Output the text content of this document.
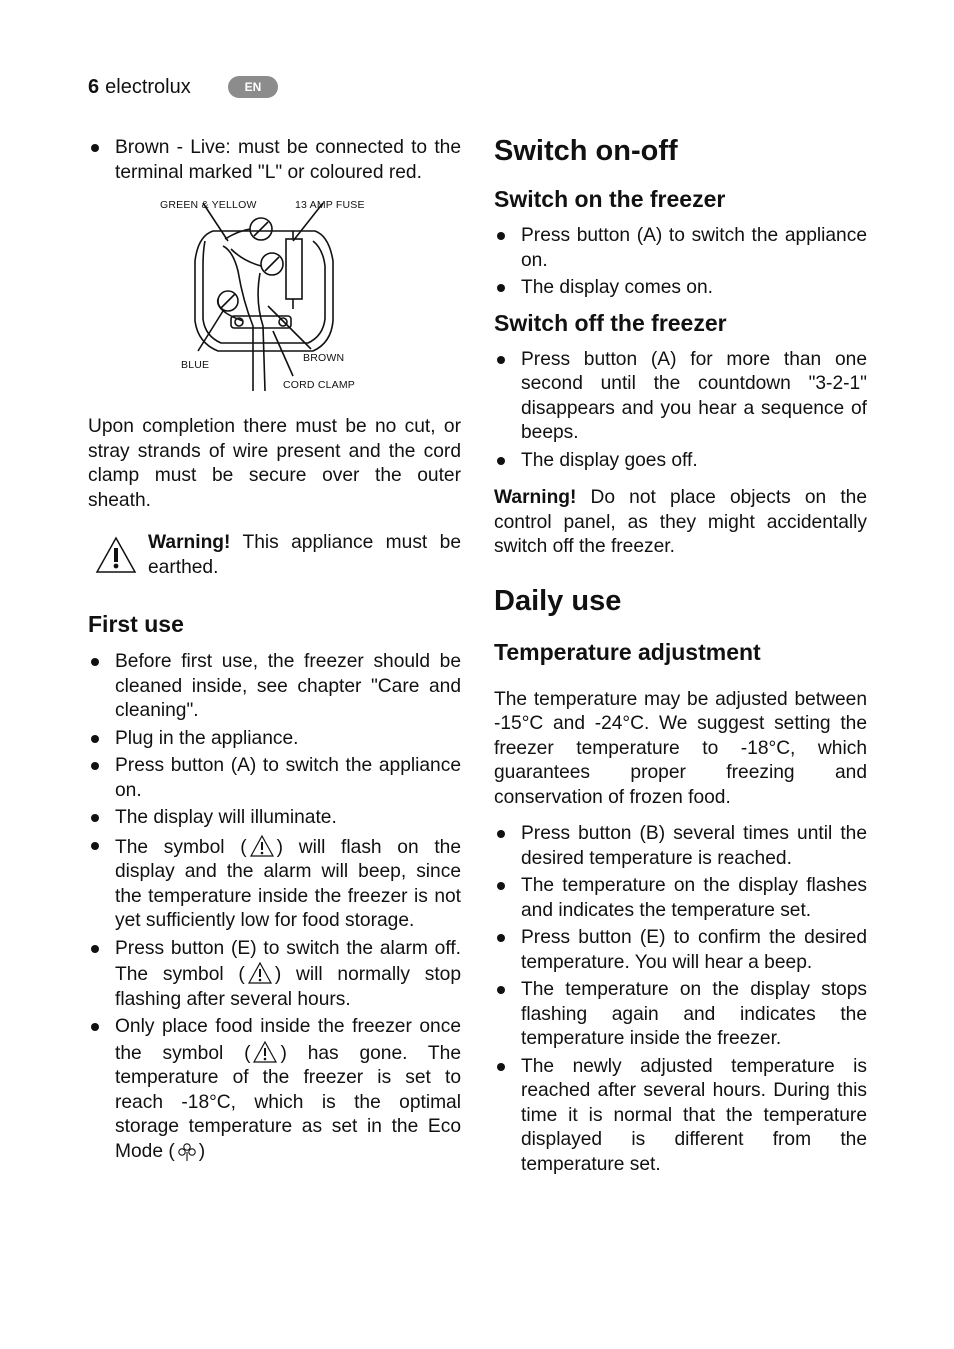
6 electrolux	EN
Brown - Live: must be connected to the terminal marked "L" or coloured red.
GREEN & YELLOW	13 AMP FUSE
BLUE
BROWN
CORD CLAMP

Upon completion there must be no cut, or stray strands of wire present and the cord clamp must be secure over the outer sheath.

Warning! This appliance must be earthed.

First use
Before first use, the freezer should be cleaned inside, see chapter "Care and cleaning".
Plug in the appliance.
Press button (A) to switch the appliance on.
The display will illuminate.
The symbol ( ) will flash on the display and the alarm will beep, since the temperature inside the freezer is not yet sufficiently low for food storage.
Press button (E) to switch the alarm off. The symbol ( ) will normally stop flashing after several hours.
Only place food inside the freezer once the symbol ( ) has gone. The temperature of the freezer is set to reach -18°C, which is the optimal storage temperature as set in the Eco Mode ( )
Switch on-off
Switch on the freezer
Press button (A) to switch the appliance on.
The display comes on.
Switch off the freezer
Press button (A) for more than one second until the countdown "3-2-1" disappears and you hear a sequence of beeps.
The display goes off.

Warning! Do not place objects on the control panel, as they might accidentally switch off the freezer.

Daily use
Temperature adjustment

The temperature may be adjusted between -15°C and -24°C. We suggest setting the freezer temperature to -18°C, which guarantees proper freezing and conservation of frozen food.

Press button (B) several times until the desired temperature is reached.
The temperature on the display flashes and indicates the temperature set.
Press button (E) to confirm the desired temperature. You will hear a beep.
The temperature on the display stops flashing again and indicates the temperature inside the freezer.
The newly adjusted temperature is reached after several hours. During this time it is normal that the temperature displayed is different from the temperature set.
